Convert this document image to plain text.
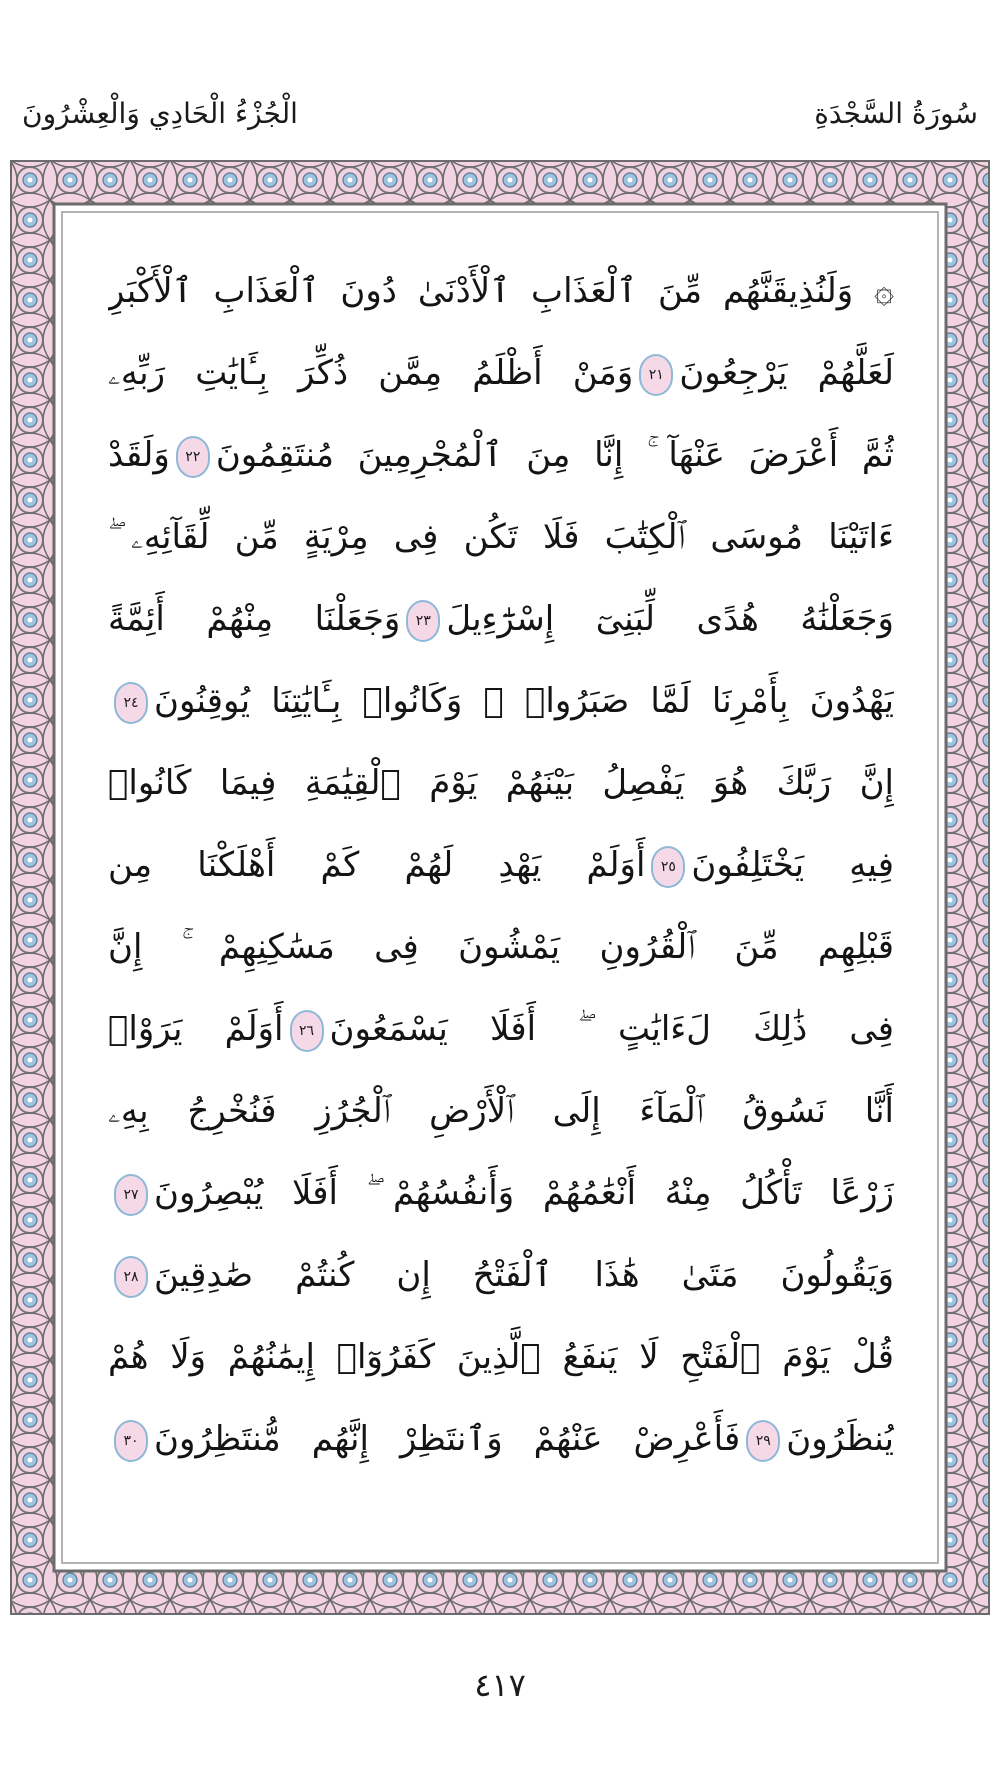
الْجُزْءُ الْحَادِي وَالْعِشْرُونَ	سُورَةُ السَّجْدَةِ
۞ وَلَنُذِيقَنَّهُم مِّنَ ٱلْعَذَابِ ٱلْأَدْنَىٰ دُونَ ٱلْعَذَابِ ٱلْأَكْبَرِ
لَعَلَّهُمْ يَرْجِعُونَ٢١وَمَنْ أَظْلَمُ مِمَّن ذُكِّرَ بِـَٔايَٰتِ رَبِّهِۦ
ثُمَّ أَعْرَضَ عَنْهَآ ۚ إِنَّا مِنَ ٱلْمُجْرِمِينَ مُنتَقِمُونَ٢٢وَلَقَدْ
ءَاتَيْنَا مُوسَى ٱلْكِتَٰبَ فَلَا تَكُن فِى مِرْيَةٍ مِّن لِّقَآئِهِۦ ۖ
وَجَعَلْنَٰهُ هُدًى لِّبَنِىٓ إِسْرَٰٓءِيلَ٢٣وَجَعَلْنَا مِنْهُمْ أَئِمَّةً
يَهْدُونَ بِأَمْرِنَا لَمَّا صَبَرُوا۟ ۖ وَكَانُوا۟ بِـَٔايَٰتِنَا يُوقِنُونَ٢٤
إِنَّ رَبَّكَ هُوَ يَفْصِلُ بَيْنَهُمْ يَوْمَ ٱلْقِيَٰمَةِ فِيمَا كَانُوا۟
فِيهِ يَخْتَلِفُونَ٢٥أَوَلَمْ يَهْدِ لَهُمْ كَمْ أَهْلَكْنَا مِن
قَبْلِهِم مِّنَ ٱلْقُرُونِ يَمْشُونَ فِى مَسَٰكِنِهِمْ ۚ إِنَّ
فِى ذَٰلِكَ لَءَايَٰتٍ ۖ أَفَلَا يَسْمَعُونَ٢٦أَوَلَمْ يَرَوْا۟
أَنَّا نَسُوقُ ٱلْمَآءَ إِلَى ٱلْأَرْضِ ٱلْجُرُزِ فَنُخْرِجُ بِهِۦ
زَرْعًا تَأْكُلُ مِنْهُ أَنْعَٰمُهُمْ وَأَنفُسُهُمْ ۖ أَفَلَا يُبْصِرُونَ٢٧
وَيَقُولُونَ مَتَىٰ هَٰذَا ٱلْفَتْحُ إِن كُنتُمْ صَٰدِقِينَ٢٨
قُلْ يَوْمَ ٱلْفَتْحِ لَا يَنفَعُ ٱلَّذِينَ كَفَرُوٓا۟ إِيمَٰنُهُمْ وَلَا هُمْ
يُنظَرُونَ٢٩فَأَعْرِضْ عَنْهُمْ وَٱنتَظِرْ إِنَّهُم مُّنتَظِرُونَ٣٠
٤١٧
